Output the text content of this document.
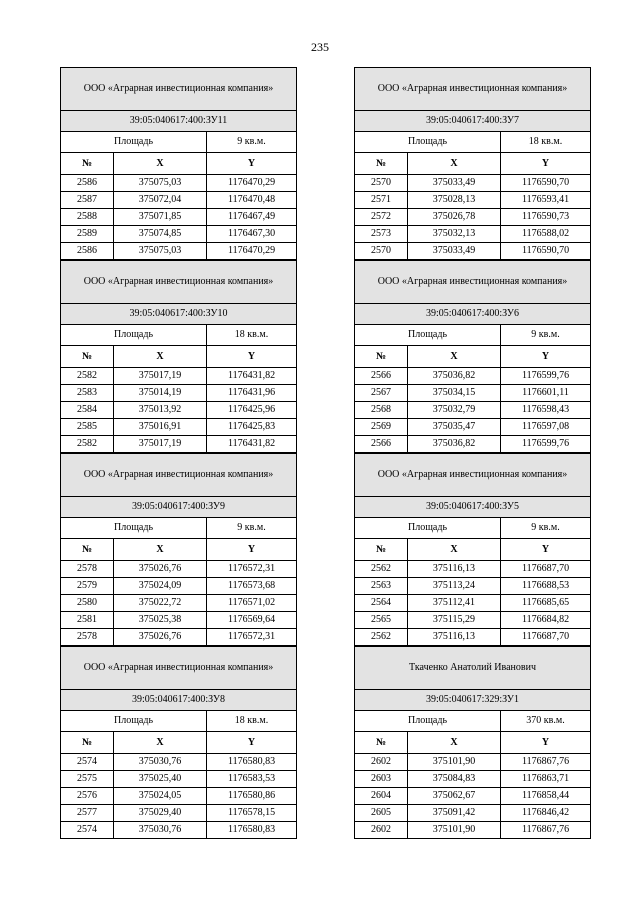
235
ООО «Аграрная инвестиционная компания»		
39:05:040617:400:ЗУ11		
Площадь		9 кв.м.
№	X	Y
2586	375075,03	1176470,29
2587	375072,04	1176470,48
2588	375071,85	1176467,49
2589	375074,85	1176467,30
2586	375075,03	1176470,29
ООО «Аграрная инвестиционная компания»		
39:05:040617:400:ЗУ10		
Площадь		18 кв.м.
№	X	Y
2582	375017,19	1176431,82
2583	375014,19	1176431,96
2584	375013,92	1176425,96
2585	375016,91	1176425,83
2582	375017,19	1176431,82
ООО «Аграрная инвестиционная компания»		
39:05:040617:400:ЗУ9		
Площадь		9 кв.м.
№	X	Y
2578	375026,76	1176572,31
2579	375024,09	1176573,68
2580	375022,72	1176571,02
2581	375025,38	1176569,64
2578	375026,76	1176572,31
ООО «Аграрная инвестиционная компания»		
39:05:040617:400:ЗУ8		
Площадь		18 кв.м.
№	X	Y
2574	375030,76	1176580,83
2575	375025,40	1176583,53
2576	375024,05	1176580,86
2577	375029,40	1176578,15
2574	375030,76	1176580,83
ООО «Аграрная инвестиционная компания»		
39:05:040617:400:ЗУ7		
Площадь		18 кв.м.
№	X	Y
2570	375033,49	1176590,70
2571	375028,13	1176593,41
2572	375026,78	1176590,73
2573	375032,13	1176588,02
2570	375033,49	1176590,70
ООО «Аграрная инвестиционная компания»		
39:05:040617:400:ЗУ6		
Площадь		9 кв.м.
№	X	Y
2566	375036,82	1176599,76
2567	375034,15	1176601,11
2568	375032,79	1176598,43
2569	375035,47	1176597,08
2566	375036,82	1176599,76
ООО «Аграрная инвестиционная компания»		
39:05:040617:400:ЗУ5		
Площадь		9 кв.м.
№	X	Y
2562	375116,13	1176687,70
2563	375113,24	1176688,53
2564	375112,41	1176685,65
2565	375115,29	1176684,82
2562	375116,13	1176687,70
Ткаченко Анатолий Иванович		
39:05:040617:329:ЗУ1		
Площадь		370 кв.м.
№	X	Y
2602	375101,90	1176867,76
2603	375084,83	1176863,71
2604	375062,67	1176858,44
2605	375091,42	1176846,42
2602	375101,90	1176867,76
